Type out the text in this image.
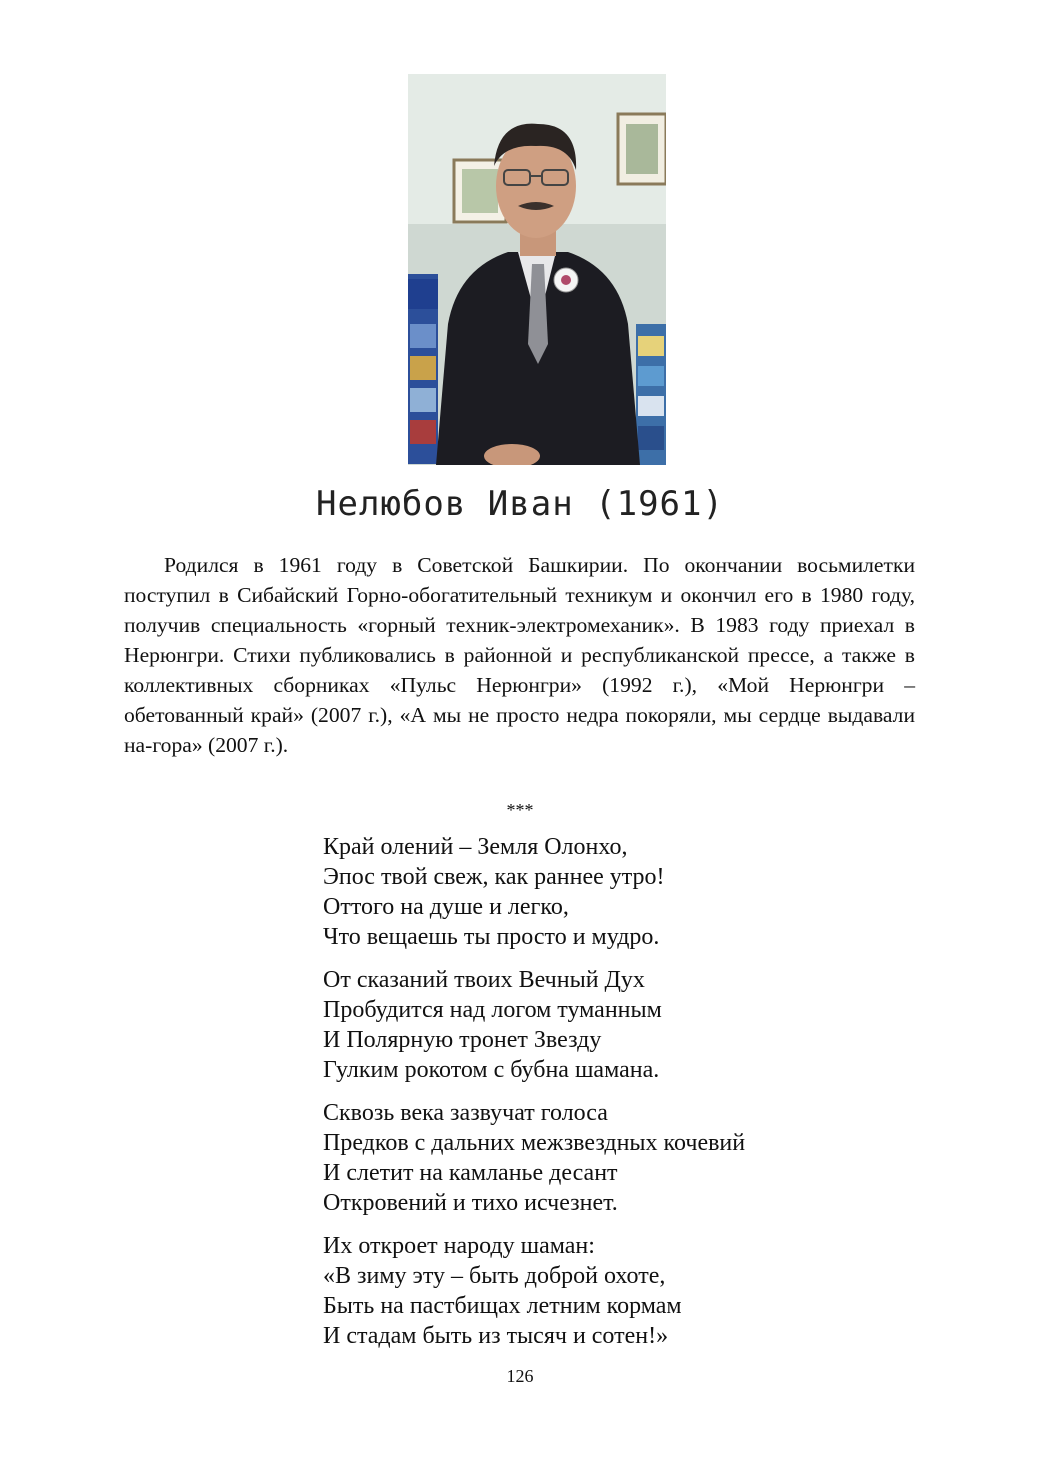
Нелюбов Иван (1961)

Родился в 1961 году в Советской Башкирии. По окончании восьмилетки поступил в Сибайский Горно-обогатительный техникум и окончил его в 1980 году, получив специальность «горный техник-электромеханик». В 1983 году приехал в Нерюнгри. Стихи публиковались в районной и республиканской прессе, а также в коллективных сборниках «Пульс Нерюнгри» (1992 г.), «Мой Нерюнгри – обетованный край» (2007 г.), «А мы не просто недра покоряли, мы сердце выдавали на-гора» (2007 г.).

***
Край олений – Земля Олонхо,
Эпос твой свеж, как раннее утро!
Оттого на душе и легко,
Что вещаешь ты просто и мудро.
От сказаний твоих Вечный Дух
Пробудится над логом туманным
И Полярную тронет Звезду
Гулким рокотом с бубна шамана.
Сквозь века зазвучат голоса
Предков с дальних межзвездных кочевий
И слетит на камланье десант
Откровений и тихо исчезнет.
Их откроет народу шаман:
«В зиму эту – быть доброй охоте,
Быть на пастбищах летним кормам
И стадам быть из тысяч и сотен!»
126
